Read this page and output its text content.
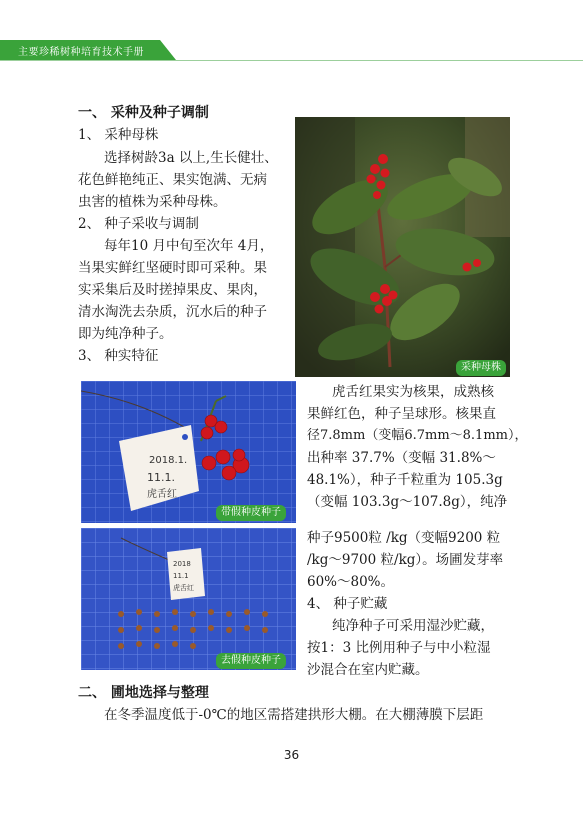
主要珍稀树种培育技术手册
一、 采种及种子调制
1、 采种母株
选择树龄3a 以上,生长健壮、
花色鲜艳纯正、果实饱满、无病
虫害的植株为采种母株。
2、 种子采收与调制
每年10 月中旬至次年 4月，
当果实鲜红坚硬时即可采种。果
实采集后及时搓掉果皮、果肉，
清水淘洗去杂质，沉水后的种子
即为纯净种子。
3、 种实特征
采种母株
2018.1.
11.1.
虎舌红
带假种皮种子
2018
11.1
虎舌红
去假种皮种子
虎舌红果实为核果，成熟核
果鲜红色，种子呈球形。核果直
径7.8mm（变幅6.7mm～8.1mm），
出种率 37.7%（变幅 31.8%～
48.1%），种子千粒重为 105.3g
（变幅 103.3g～107.8g），纯净
种子9500粒 /kg（变幅9200 粒
/kg～9700 粒/kg）。场圃发芽率
60%～80%。
4、 种子贮藏
纯净种子可采用湿沙贮藏，
按1：3 比例用种子与中小粒湿
沙混合在室内贮藏。
二、 圃地选择与整理
在冬季温度低于-0℃的地区需搭建拱形大棚。在大棚薄膜下层距
36
